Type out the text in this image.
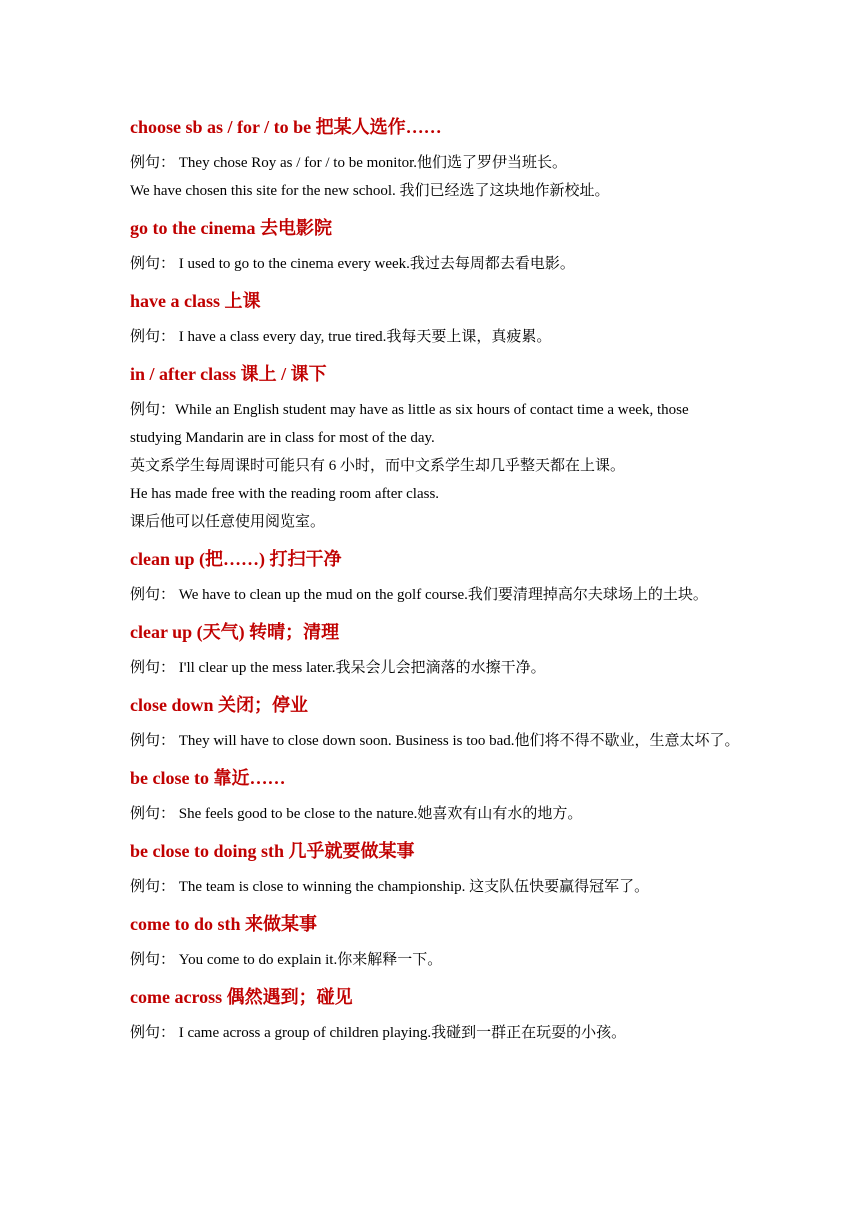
choose sb as / for / to be 把某人选作……

例句： They chose Roy as / for / to be monitor.他们选了罗伊当班长。

We have chosen this site for the new school. 我们已经选了这块地作新校址。

go to the cinema 去电影院

例句： I used to go to the cinema every week.我过去每周都去看电影。

have a class 上课

例句： I have a class every day, true tired.我每天要上课，真疲累。

in / after class 课上 / 课下

例句：While an English student may have as little as six hours of contact time a week, those studying Mandarin are in class for most of the day.

英文系学生每周课时可能只有 6 小时，而中文系学生却几乎整天都在上课。

He has made free with the reading room after class.

课后他可以任意使用阅览室。

clean up (把……) 打扫干净

例句： We have to clean up the mud on the golf course.我们要清理掉高尔夫球场上的土块。

clear up (天气) 转晴；清理

例句： I'll clear up the mess later.我呆会儿会把滴落的水擦干净。

close down 关闭；停业

例句： They will have to close down soon. Business is too bad.他们将不得不歇业，生意太坏了。

be close to 靠近……

例句： She feels good to be close to the nature.她喜欢有山有水的地方。

be close to doing sth 几乎就要做某事

例句： The team is close to winning the championship. 这支队伍快要赢得冠军了。

come to do sth 来做某事

例句： You come to do explain it.你来解释一下。

come across 偶然遇到；碰见

例句： I came across a group of children playing.我碰到一群正在玩耍的小孩。
